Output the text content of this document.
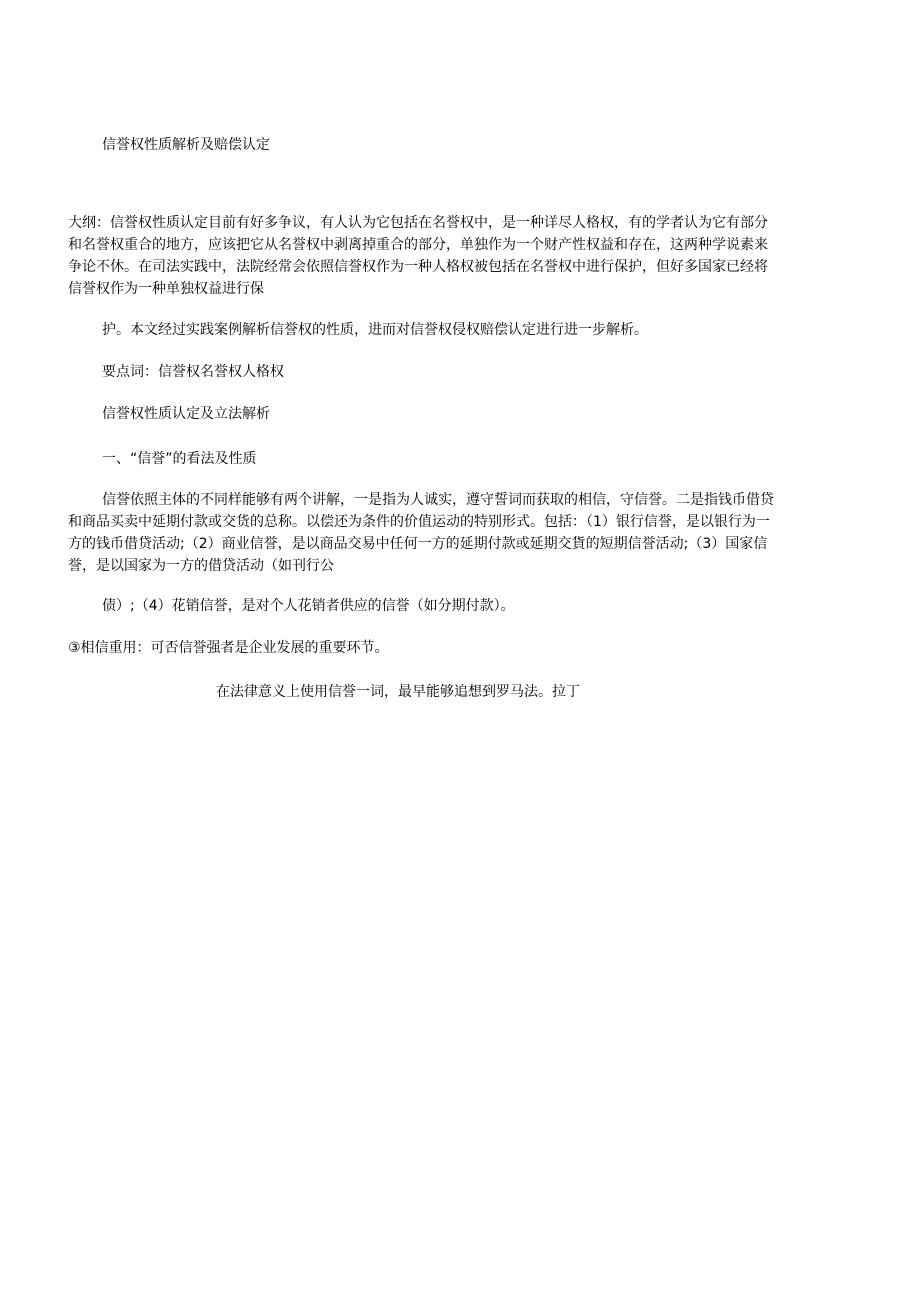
信誉权性质解析及赔偿认定
大纲：信誉权性质认定目前有好多争议，有人认为它包括在名誉权中，是一种详尽人格权，有的学者认为它有部分
和名誉权重合的地方，应该把它从名誉权中剥离掉重合的部分，单独作为一个财产性权益和存在，这两种学说素来
争论不休。在司法实践中，法院经常会依照信誉权作为一种人格权被包括在名誉权中进行保护，但好多国家已经将
信誉权作为一种单独权益进行保
护。本文经过实践案例解析信誉权的性质，进而对信誉权侵权赔偿认定进行进一步解析。
要点词：信誉权名誉权人格权
信誉权性质认定及立法解析
一、“信誉”的看法及性质
信誉依照主体的不同样能够有两个讲解，一是指为人诚实，遵守誓词而获取的相信，守信誉。二是指钱币借贷
和商品买卖中延期付款或交货的总称。以偿还为条件的价值运动的特别形式。包括：（1）银行信誉，是以银行为一
方的钱币借贷活动;（2）商业信誉，是以商品交易中任何一方的延期付款或延期交貨的短期信誉活动;（3）国家信
誉，是以国家为一方的借贷活动（如刊行公
债）;（4）花销信誉，是对个人花销者供应的信誉（如分期付款）。
③相信重用：可否信誉强者是企业发展的重要环节。
在法律意义上使用信誉一词，最早能够追想到罗马法。拉丁
